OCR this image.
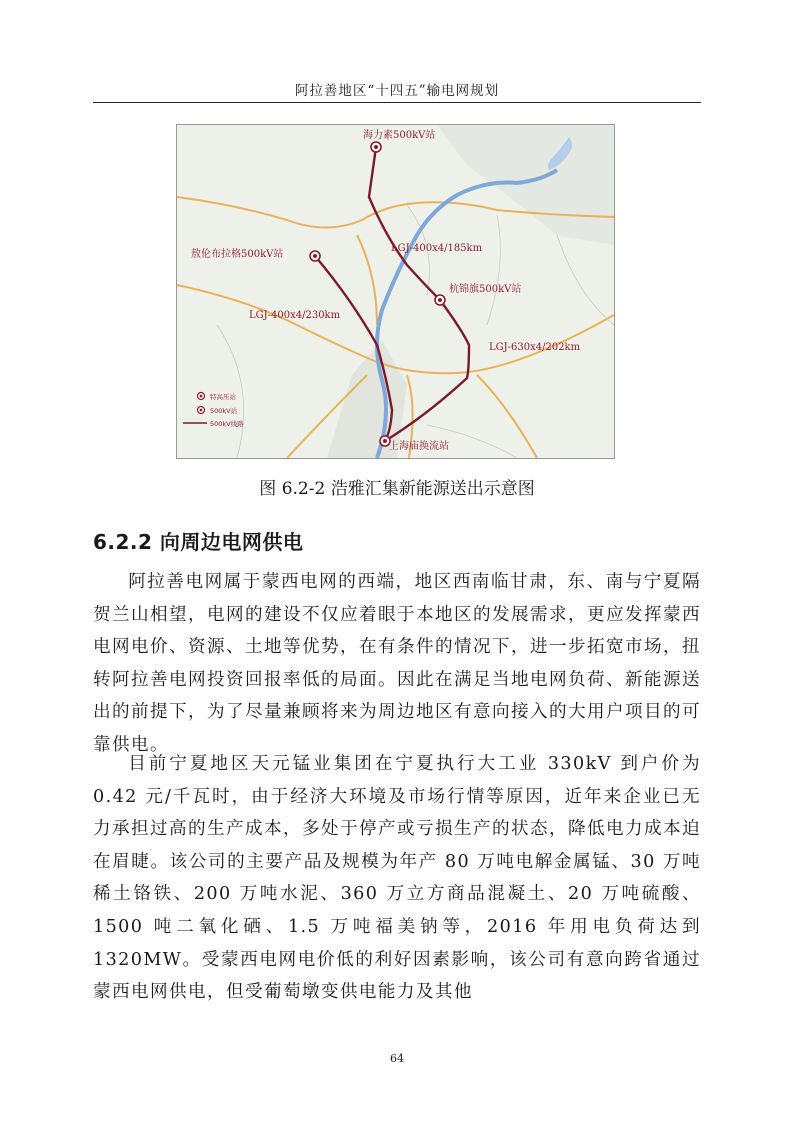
阿拉善地区“十四五”输电网规划
海力素500kV站
敖伦布拉格500kV站
杭锦旗500kV站
上海庙换流站
LGJ-400x4/185km
LGJ-400x4/230km
LGJ-630x4/202km
特高压站
500kV站
500kV线路
图 6.2-2 浩雅汇集新能源送出示意图
6.2.2 向周边电网供电

阿拉善电网属于蒙西电网的西端，地区西南临甘肃，东、南与宁夏隔贺兰山相望，电网的建设不仅应着眼于本地区的发展需求，更应发挥蒙西电网电价、资源、土地等优势，在有条件的情况下，进一步拓宽市场，扭转阿拉善电网投资回报率低的局面。因此在满足当地电网负荷、新能源送出的前提下，为了尽量兼顾将来为周边地区有意向接入的大用户项目的可靠供电。

目前宁夏地区天元锰业集团在宁夏执行大工业 330kV 到户价为 0.42 元/千瓦时，由于经济大环境及市场行情等原因，近年来企业已无力承担过高的生产成本，多处于停产或亏损生产的状态，降低电力成本迫在眉睫。该公司的主要产品及规模为年产 80 万吨电解金属锰、30 万吨稀土铬铁、200 万吨水泥、360 万立方商品混凝土、20 万吨硫酸、1500 吨二氧化硒、1.5 万吨福美钠等，2016 年用电负荷达到 1320MW。受蒙西电网电价低的利好因素影响，该公司有意向跨省通过蒙西电网供电，但受葡萄墩变供电能力及其他

64
